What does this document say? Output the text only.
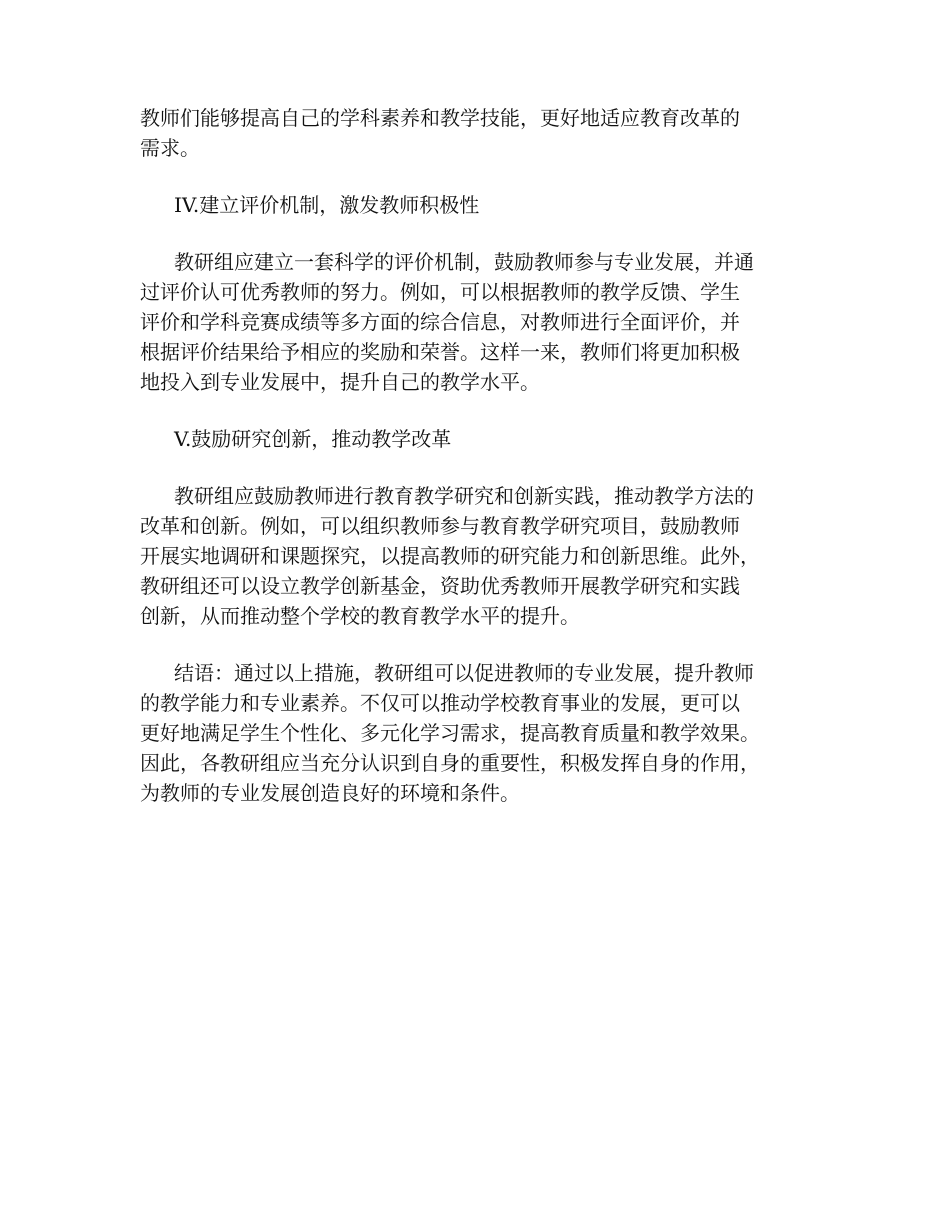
教师们能够提高自己的学科素养和教学技能，更好地适应教育改革的
需求。
IV.建立评价机制，激发教师积极性
教研组应建立一套科学的评价机制，鼓励教师参与专业发展，并通
过评价认可优秀教师的努力。例如，可以根据教师的教学反馈、学生
评价和学科竞赛成绩等多方面的综合信息，对教师进行全面评价，并
根据评价结果给予相应的奖励和荣誉。这样一来，教师们将更加积极
地投入到专业发展中，提升自己的教学水平。
V.鼓励研究创新，推动教学改革
教研组应鼓励教师进行教育教学研究和创新实践，推动教学方法的
改革和创新。例如，可以组织教师参与教育教学研究项目，鼓励教师
开展实地调研和课题探究，以提高教师的研究能力和创新思维。此外，
教研组还可以设立教学创新基金，资助优秀教师开展教学研究和实践
创新，从而推动整个学校的教育教学水平的提升。
结语：通过以上措施，教研组可以促进教师的专业发展，提升教师
的教学能力和专业素养。不仅可以推动学校教育事业的发展，更可以
更好地满足学生个性化、多元化学习需求，提高教育质量和教学效果。
因此，各教研组应当充分认识到自身的重要性，积极发挥自身的作用，
为教师的专业发展创造良好的环境和条件。
